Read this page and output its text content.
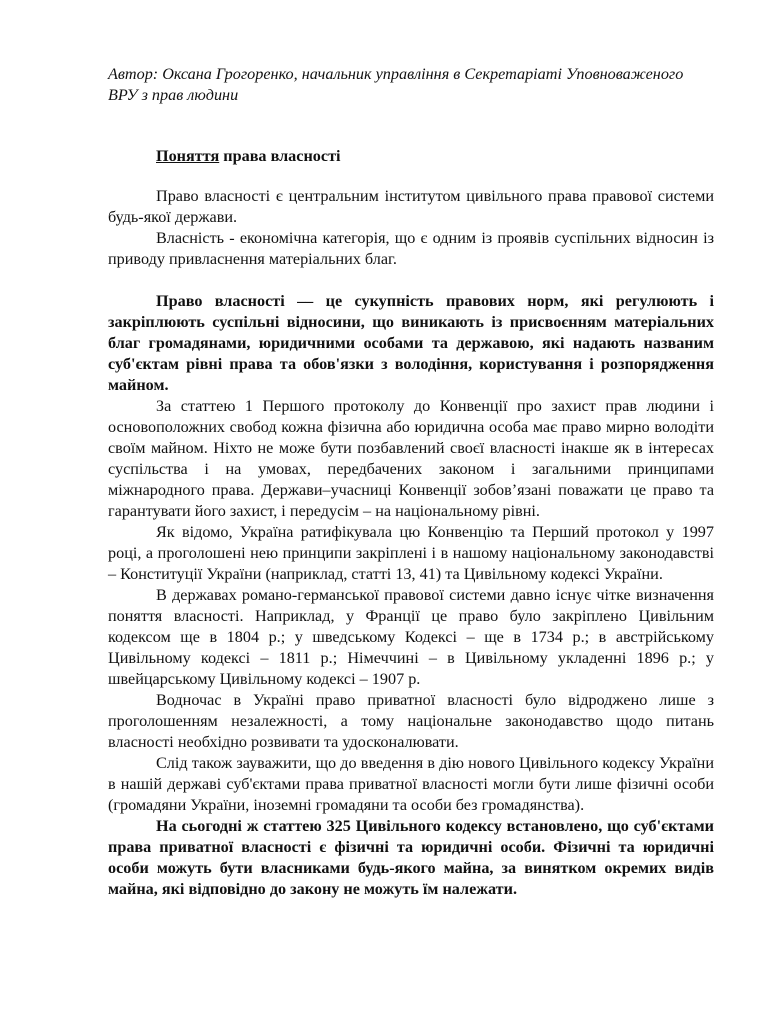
Автор: Оксана Грогоренко, начальник управління в Секретаріаті Уповноваженого ВРУ з прав людини

Поняття права власності

Право власності є центральним інститутом цивільного права правової системи будь-якої держави.

Власність - економічна категорія, що є одним із проявів суспільних відносин із приводу привласнення матеріальних благ.

Право власності –– це сукупність правових норм, які регулюють і закріплюють суспільні відносини, що виникають із присвоєнням матеріальних благ громадянами, юридичними особами та державою, які надають названим суб'єктам рівні права та обов'язки з володіння, користування і розпорядження майном.

За статтею 1 Першого протоколу до Конвенції про захист прав людини і основоположних свобод кожна фізична або юридична особа має право мирно володіти своїм майном. Ніхто не може бути позбавлений своєї власності інакше як в інтересах суспільства і на умовах, передбачених законом і загальними принципами міжнародного права. Держави–учасниці Конвенції зобов’язані поважати це право та гарантувати його захист, і передусім – на національному рівні.

Як відомо, Україна ратифікувала цю Конвенцію та Перший протокол у 1997 році, а проголошені нею принципи закріплені і в нашому національному законодавстві – Конституції України (наприклад, статті 13, 41) та Цивільному кодексі України.

В державах романо-германської правової системи давно існує чітке визначення поняття власності. Наприклад, у Франції це право було закріплено Цивільним кодексом ще в 1804 р.; у шведському Кодексі – ще в 1734 р.; в австрійському Цивільному кодексі – 1811 р.; Німеччині – в Цивільному укладенні 1896 р.; у швейцарському Цивільному кодексі – 1907 р.

Водночас в Україні право приватної власності було відроджено лише з проголошенням незалежності, а тому національне законодавство щодо питань власності необхідно розвивати та удосконалювати.

Слід також зауважити, що до введення в дію нового Цивільного кодексу України в нашій державі суб'єктами права приватної власності могли бути лише фізичні особи (громадяни України, іноземні громадяни та особи без громадянства).

На сьогодні ж статтею 325 Цивільного кодексу встановлено, що суб'єктами права приватної власності є фізичні та юридичні особи. Фізичні та юридичні особи можуть бути власниками будь-якого майна, за винятком окремих видів майна, які відповідно до закону не можуть їм належати.
